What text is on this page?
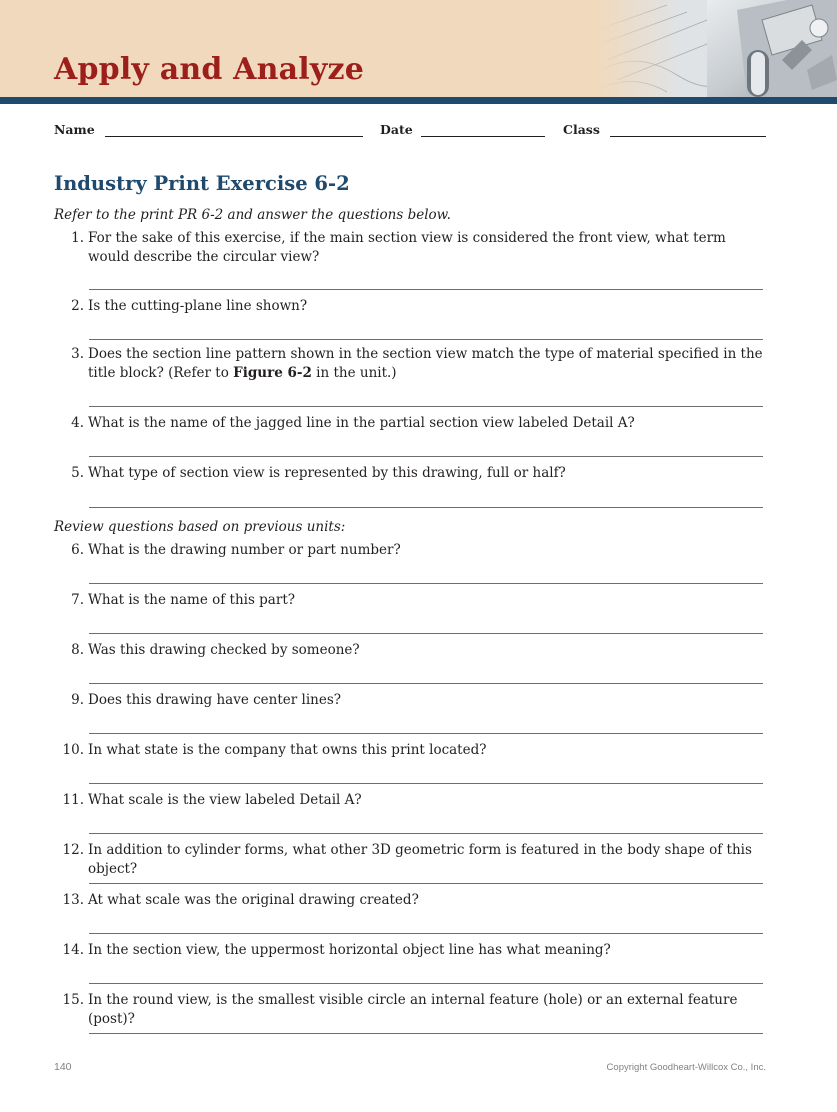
Apply and Analyze
Name	Date	Class
Industry Print Exercise 6-2
Refer to the print PR 6-2 and answer the questions below.
1. For the sake of this exercise, if the main section view is considered the front view, what term would describe the circular view?
2. Is the cutting-plane line shown?
3. Does the section line pattern shown in the section view match the type of material specified in the title block? (Refer to Figure 6-2 in the unit.)
4. What is the name of the jagged line in the partial section view labeled Detail A?
5. What type of section view is represented by this drawing, full or half?
Review questions based on previous units:
6. What is the drawing number or part number?
7. What is the name of this part?
8. Was this drawing checked by someone?
9. Does this drawing have center lines?
10. In what state is the company that owns this print located?
11. What scale is the view labeled Detail A?
12. In addition to cylinder forms, what other 3D geometric form is featured in the body shape of this object?
13. At what scale was the original drawing created?
14. In the section view, the uppermost horizontal object line has what meaning?
15. In the round view, is the smallest visible circle an internal feature (hole) or an external feature (post)?
140	Copyright Goodheart-Willcox Co., Inc.
